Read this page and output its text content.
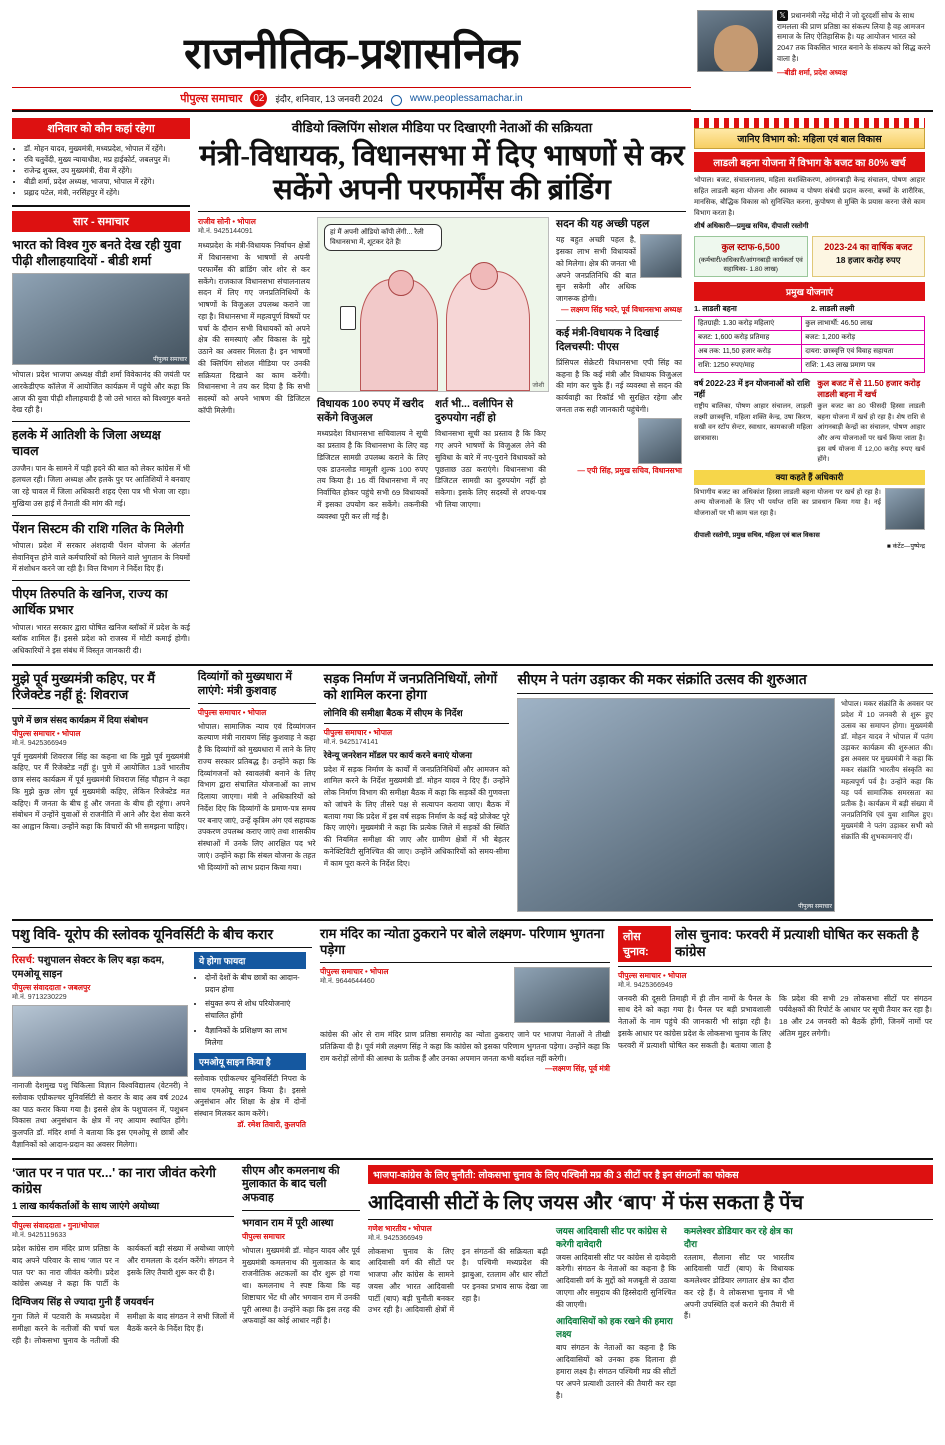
राजनीतिक-प्रशासनिक
पीपुल्स समाचार 02	इंदौर, शनिवार, 13 जनवरी 2024	www.peoplessamachar.in
𝕏 प्रधानमंत्री नरेंद्र मोदी ने जो दूरदर्शी सोच के साथ रामलला की प्राण प्रतिष्ठा का संकल्प लिया है वह आमजन समाज के लिए ऐतिहासिक है। यह आयोजन भारत को 2047 तक विकसित भारत बनाने के संकल्प को सिद्ध करने वाला है।
—बीडी शर्मा, प्रदेश अध्यक्ष
शनिवार को कौन कहां रहेगा
• डॉ. मोहन यादव, मुख्यमंत्री, मध्यप्रदेश, भोपाल में रहेंगे।
• रवि चतुर्वेदी, मुख्य न्यायाधीश, मप्र हाईकोर्ट, जबलपुर में।
• राजेन्द्र शुक्ल, उप मुख्यमंत्री, रीवा में रहेंगे।
• बीडी शर्मा, प्रदेश अध्यक्ष, भाजपा, भोपाल में रहेंगे।
• प्रह्लाद पटेल, मंत्री, नरसिंहपुर में रहेंगे।
सार - समाचार
भारत को विश्व गुरु बनते देख रही युवा पीढ़ी शौलाहयादियों - बीडी शर्मा
पीपुल्स समाचार
भोपाल। प्रदेश भाजपा अध्यक्ष वीडी शर्मा विवेकानंद की जयंती पर आरकेडीएफ कॉलेज में आयोजित कार्यक्रम में पहुंचे और कहा कि आज की युवा पीढ़ी शौलाहयादी है जो उसे भारत को विश्वगुरु बनते देख रही है।
हलके में आतिशी के जिला अध्यक्ष चावल
उज्जैन। पान के सामने में पड़ी हदने की बात को लेकर कांग्रेस में भी हलचल रही। जिला अध्यक्ष और हलके पुर पर आतिशियों ने बनवाए जा रहे चावल में जिला अधिकारी शहद ऐसा पत्र भी भेजा जा रहा। मुखिया उस हाई में तैनाती की मांग की गई।
पेंशन सिस्टम की राशि गलित के मिलेगी
भोपाल। प्रदेश में सरकार अंशदायी पेंशन योजना के अंतर्गत सेवानिवृत्त होने वाले कर्मचारियों को मिलने वाले भुगतान के नियमों में संशोधन करने जा रही है। वित्त विभाग ने निर्देश दिए हैं।
पीएम तिरुपति के खनिज, राज्य का आर्थिक प्रभार
भोपाल। भारत सरकार द्वारा घोषित खनिज ब्लॉकों में प्रदेश के कई ब्लॉक शामिल हैं। इससे प्रदेश को राजस्व में मोटी कमाई होगी। अधिकारियों ने इस संबंध में विस्तृत जानकारी दी।
वीडियो क्लिपिंग सोशल मीडिया पर दिखाएगी नेताओं की सक्रियता
मंत्री-विधायक, विधानसभा में दिए भाषणों से कर सकेंगे अपनी परफार्मेंस की ब्रांडिंग
राजीव सोनी • भोपाल
मो.नं. 9425144091
मध्यप्रदेश के मंत्री-विधायक निर्वाचन क्षेत्रों में विधानसभा के भाषणों से अपनी परफार्मेंस की ब्रांडिंग जोर शोर से कर सकेंगे। राजकाज विधानसभा संचालनालय सदन में लिए गए जनप्रतिनिधियों के भाषणों के विजुअल उपलब्ध कराने जा रहा है। विधानसभा में महत्वपूर्ण विषयों पर चर्चा के दौरान सभी विधायकों को अपने क्षेत्र की समस्याएं और विकास के मुद्दे उठाने का अवसर मिलता है। इन भाषणों की क्लिपिंग सोशल मीडिया पर उनकी सक्रियता दिखाने का काम करेंगी। विधानसभा ने तय कर दिया है कि सभी सदस्यों को अपने भाषण की डिजिटल कॉपी मिलेगी।
हां मैं अपनी ऑडियो कॉपी लेंगी... रैली विधानसभा में, शूटकर देते हैं!
जोशी
विधायक 100 रुपए में खरीद सकेंगे विजुअल
मध्यप्रदेश विधानसभा सचिवालय ने सूची का प्रस्ताव है कि विधानसभा के लिए वह डिजिटल सामग्री उपलब्ध कराने के लिए एक डाउनलोड मामूली शुल्क 100 रुपए तय किया है। 16 वीं विधानसभा में नए निर्वाचित होकर पहुंचे सभी 69 विधायकों में इसका उपयोग कर सकेंगे। तकनीकी व्यवस्था पूरी कर ली गई है।
शर्त भी... वलीपिन से दुरुपयोग नहीं हो
विधानसभा सूची का प्रस्ताव है कि किए गए अपने भाषणों के विजुअल लेने की सुविधा के बारे में नए-पुराने विधायकों को पूछताछ उठा कराएंगे। विधानसभा की डिजिटल सामग्री का दुरुपयोग नहीं हो सकेगा। इसके लिए सदस्यों से शपथ-पत्र भी लिया जाएगा।
सदन की यह अच्छी पहल
यह बहुत अच्छी पहल है, इसका लाभ सभी विधायकों को मिलेगा। क्षेत्र की जनता भी अपने जनप्रतिनिधि की बात सुन सकेगी और अधिक जागरूक होगी।
— लक्ष्मण सिंह भदरे, पूर्व विधानसभा अध्यक्ष
कई मंत्री-विधायक ने दिखाई दिलचस्पी: पीएस
प्रिंसिपल सेक्रेटरी विधानसभा एपी सिंह का कहना है कि कई मंत्री और विधायक विजुअल की मांग कर चुके हैं। नई व्यवस्था से सदन की कार्यवाही का रिकॉर्ड भी सुरक्षित रहेगा और जनता तक सही जानकारी पहुंचेगी।
— एपी सिंह, प्रमुख सचिव, विधानसभा
जानिए विभाग को: महिला एवं बाल विकास
लाडली बहना योजना में विभाग के बजट का 80% खर्च
भोपाल। बजट, संचालनालय, महिला सशक्तिकरण, आंगनबाड़ी केन्द्र संचालन, पोषण आहार सहित लाडली बहना योजना और स्वास्थ्य व पोषण संबंधी प्रदान करना, बच्चों के शारीरिक, मानसिक, बौद्धिक विकास को सुनिश्चित करना, कुपोषण से मुक्ति के प्रयास करना जैसे काम विभाग करता है।
शीर्ष अधिकारी—प्रमुख सचिव, दीपाली रस्तोगी
कुल स्टाफ-6,500
(कर्मचारी/अधिकारी/आंगनबाड़ी कार्यकर्ता एवं सहायिका- 1.80 लाख)
2023-24 का वार्षिक बजट
18 हजार करोड़ रुपए
प्रमुख योजनाएं
1. लाडली बहना	2. लाडली लक्ष्मी
हितग्राही: 1.30 करोड़ महिलाएं	कुल लाभार्थी: 46.50 लाख
बजट: 1,600 करोड़ प्रतिमाह	बजट: 1,200 करोड़
अब तक: 11,50 हजार करोड़	दायरा: छात्रवृत्ति एवं विवाह सहायता
राशि: 1250 रुपए/माह	राशि: 1.43 लाख प्रमाण पत्र
वर्ष 2022-23 में इन योजनाओं को राशि नहीं
राष्ट्रीय बालिका, पोषण आहार संचालन, लाड़ली लक्ष्मी छात्रवृत्ति, महिला शक्ति केन्द्र, उषा किरण, सखी वन स्टॉप सेन्टर, स्वाधार, कामकाजी महिला छात्रावास।
कुल बजट में से 11.50 हजार करोड़ लाडली बहना में खर्च
कुल बजट का 80 फीसदी हिस्सा लाडली बहना योजना में खर्च हो रहा है। शेष राशि से आंगनबाड़ी केन्द्रों का संचालन, पोषण आहार और अन्य योजनाओं पर खर्च किया जाता है। इस वर्ष योजना में 12,00 करोड़ रुपए खर्च होंगे।
क्या कहते हैं अधिकारी
विभागीय बजट का अधिकांश हिस्सा लाडली बहना योजना पर खर्च हो रहा है। अन्य योजनाओं के लिए भी पर्याप्त राशि का प्रावधान किया गया है। नई योजनाओं पर भी काम चल रहा है।
दीपाली रस्तोगी, प्रमुख सचिव, महिला एवं बाल विकास
■ कंटेंट—पुष्पेन्द्र
मुझे पूर्व मुख्यमंत्री कहिए, पर मैं रिजेक्टेड नहीं हूं: शिवराज
पुणे में छात्र संसद कार्यक्रम में दिया संबोधन
पीपुल्स समाचार • भोपाल
मो.नं. 9425366949
पूर्व मुख्यमंत्री शिवराज सिंह का कहना था कि मुझे पूर्व मुख्यमंत्री कहिए, पर मैं रिजेक्टेड नहीं हूं। पुणे में आयोजित 13वें भारतीय छात्र संसद कार्यक्रम में पूर्व मुख्यमंत्री शिवराज सिंह चौहान ने कहा कि मुझे कुछ लोग पूर्व मुख्यमंत्री कहिए, लेकिन रिजेक्टेड मत कहिए। मैं जनता के बीच हूं और जनता के बीच ही रहूंगा। अपने संबोधन में उन्होंने युवाओं से राजनीति में आने और देश सेवा करने का आह्वान किया। उन्होंने कहा कि विचारों की भी समझना चाहिए।
दिव्यांगों को मुख्यधारा में लाएंगे: मंत्री कुशवाह
पीपुल्स समाचार • भोपाल
भोपाल। सामाजिक न्याय एवं दिव्यांगजन कल्याण मंत्री नारायण सिंह कुशवाह ने कहा है कि दिव्यांगों को मुख्यधारा में लाने के लिए राज्य सरकार प्रतिबद्ध है। उन्होंने कहा कि दिव्यांगजनों को स्वावलंबी बनाने के लिए विभाग द्वारा संचालित योजनाओं का लाभ दिलाया जाएगा। मंत्री ने अधिकारियों को निर्देश दिए कि दिव्यांगों के प्रमाण-पत्र समय पर बनाए जाएं, उन्हें कृत्रिम अंग एवं सहायक उपकरण उपलब्ध कराए जाएं तथा शासकीय संस्थाओं में उनके लिए आरक्षित पद भरे जाएं। उन्होंने कहा कि संबल योजना के तहत भी दिव्यांगों को लाभ प्रदान किया गया।
सड़क निर्माण में जनप्रतिनिधियों, लोगों को शामिल करना होगा
लोनिवि की समीक्षा बैठक में सीएम के निर्देश
पीपुल्स समाचार • भोपाल
मो.नं. 9425174141
रेवेन्यू जनरेशन मॉडल पर कार्य करने बनाएं योजना
प्रदेश में सड़क निर्माण के कार्यों में जनप्रतिनिधियों और आमजन को शामिल करने के निर्देश मुख्यमंत्री डॉ. मोहन यादव ने दिए हैं। उन्होंने लोक निर्माण विभाग की समीक्षा बैठक में कहा कि सड़कों की गुणवत्ता को जांचने के लिए तीसरे पक्ष से सत्यापन कराया जाए। बैठक में बताया गया कि प्रदेश में इस वर्ष सड़क निर्माण के कई बड़े प्रोजेक्ट पूरे किए जाएंगे। मुख्यमंत्री ने कहा कि प्रत्येक जिले में सड़कों की स्थिति की नियमित समीक्षा की जाए और ग्रामीण क्षेत्रों में भी बेहतर कनेक्टिविटी सुनिश्चित की जाए। उन्होंने अधिकारियों को समय-सीमा में काम पूरा करने के निर्देश दिए।
सीएम ने पतंग उड़ाकर की मकर संक्रांति उत्सव की शुरुआत
पीपुल्स समाचार
भोपाल। मकर संक्रांति के अवसर पर प्रदेश में 10 जनवरी से शुरू हुए उत्सव का समापन होगा। मुख्यमंत्री डॉ. मोहन यादव ने भोपाल में पतंग उड़ाकर कार्यक्रम की शुरुआत की। इस अवसर पर मुख्यमंत्री ने कहा कि मकर संक्रांति भारतीय संस्कृति का महत्वपूर्ण पर्व है। उन्होंने कहा कि यह पर्व सामाजिक समरसता का प्रतीक है। कार्यक्रम में बड़ी संख्या में जनप्रतिनिधि एवं युवा शामिल हुए। मुख्यमंत्री ने पतंग उड़ाकर सभी को संक्रांति की शुभकामनाएं दीं।
पशु विवि- यूरोप की स्लोवक यूनिवर्सिटी के बीच करार
रिसर्च: पशुपालन सेक्टर के लिए बड़ा कदम, एमओयू साइन
पीपुल्स संवाददाता • जबलपुर
मो.नं. 9713230229
नानाजी देशमुख पशु चिकित्सा विज्ञान विश्वविद्यालय (वेटनरी) ने स्लोवाक एग्रीकल्चर यूनिवर्सिटी से करार के बाद अब वर्ष 2024 का पाठ करार किया गया है। इससे क्षेत्र के पशुपालन में, पशुधन विकास तथा अनुसंधान के क्षेत्र में नए आयाम स्थापित होंगे। कुलपति डॉ. मंदिर शर्मा ने बताया कि इस एमओयू से छात्रों और वैज्ञानिकों को आदान-प्रदान का अवसर मिलेगा।
ये होगा फायदा
• दोनों देशों के बीच छात्रों का आदान-प्रदान होगा
• संयुक्त रूप से शोध परियोजनाएं संचालित होंगी
• वैज्ञानिकों के प्रशिक्षण का लाभ मिलेगा
एमओयू साइन किया है
स्लोवाक एग्रीकल्चर यूनिवर्सिटी निपरा के साथ एमओयू साइन किया है। इससे अनुसंधान और शिक्षा के क्षेत्र में दोनों संस्थान मिलकर काम करेंगे।
डॉ. रमेश तिवारी, कुलपति
राम मंदिर का न्योता ठुकराने पर बोले लक्ष्मण- परिणाम भुगतना पड़ेगा
पीपुल्स समाचार • भोपाल
मो.नं. 9644644460
कांग्रेस की ओर से राम मंदिर प्राण प्रतिष्ठा समारोह का न्योता ठुकराए जाने पर भाजपा नेताओं ने तीखी प्रतिक्रिया दी है। पूर्व मंत्री लक्ष्मण सिंह ने कहा कि कांग्रेस को इसका परिणाम भुगतना पड़ेगा। उन्होंने कहा कि राम करोड़ों लोगों की आस्था के प्रतीक हैं और उनका अपमान जनता कभी बर्दाश्त नहीं करेगी।
—लक्ष्मण सिंह, पूर्व मंत्री
लोस चुनाव:
लोस चुनाव: फरवरी में प्रत्याशी घोषित कर सकती है कांग्रेस
पीपुल्स समाचार • भोपाल
मो.नं. 9425366949
जनवरी की दूसरी तिमाही में ही तीन नामों के पैनल के साथ देने को कहा गया है। पैनल पर बड़ी प्रभावशाली नेताओं के नाम पहुंचे की जानकारी भी सांझा रही है। इसके आधार पर कांग्रेस प्रदेश के लोकसभा चुनाव के लिए फरवरी में प्रत्याशी घोषित कर सकती है। बताया जाता है कि प्रदेश की सभी 29 लोकसभा सीटों पर संगठन पर्यवेक्षकों की रिपोर्ट के आधार पर सूची तैयार कर रहा है। 18 और 24 जनवरी को बैठकें होंगी, जिनमें नामों पर अंतिम मुहर लगेगी।
‘जात पर न पात पर...' का नारा जीवंत करेगी कांग्रेस
1 लाख कार्यकर्ताओं के साथ जाएंगे अयोध्या
पीपुल्स संवाददाता • गुना/भोपाल
मो.नं. 9425119633
प्रदेश कांग्रेस राम मंदिर प्राण प्रतिष्ठा के बाद अपने परिवार के साथ 'जात पर न पात पर' का नारा जीवंत करेगी। प्रदेश कांग्रेस अध्यक्ष ने कहा कि पार्टी के कार्यकर्ता बड़ी संख्या में अयोध्या जाएंगे और रामलला के दर्शन करेंगे। संगठन ने इसके लिए तैयारी शुरू कर दी है।
दिग्विजय सिंह से ज्यादा गुनी हैं जयवर्धन
गुना जिले में पटवारी के मध्यप्रदेश में समीक्षा करने के नतीजों की चर्चा चल रही है। लोकसभा चुनाव के नतीजों की समीक्षा के बाद संगठन ने सभी जिलों में बैठकें करने के निर्देश दिए हैं।
सीएम और कमलनाथ की मुलाकात के बाद चली अफवाह
भगवान राम में पूरी आस्था
पीपुल्स समाचार
भोपाल। मुख्यमंत्री डॉ. मोहन यादव और पूर्व मुख्यमंत्री कमलनाथ की मुलाकात के बाद राजनीतिक अटकलों का दौर शुरू हो गया था। कमलनाथ ने स्पष्ट किया कि यह शिष्टाचार भेंट थी और भगवान राम में उनकी पूरी आस्था है। उन्होंने कहा कि इस तरह की अफवाहों का कोई आधार नहीं है।
भाजपा-कांग्रेस के लिए चुनौती: लोकसभा चुनाव के लिए पश्चिमी मप्र की 3 सीटों पर है इन संगठनों का फोकस
आदिवासी सीटों के लिए जयस और ‘बाप' में फंस सकता है पेंच
गणेश भारतीय • भोपाल
मो.नं. 9425366949
लोकसभा चुनाव के लिए आदिवासी वर्ग की सीटों पर भाजपा और कांग्रेस के सामने जयस और भारत आदिवासी पार्टी (बाप) बड़ी चुनौती बनकर उभर रही है। आदिवासी क्षेत्रों में इन संगठनों की सक्रियता बढ़ी है। पश्चिमी मध्यप्रदेश की झाबुआ, रतलाम और धार सीटों पर इनका प्रभाव साफ देखा जा रहा है।
जयस आदिवासी सीट पर कांग्रेस से करेगी दावेदारी
जयस आदिवासी सीट पर कांग्रेस से दावेदारी करेगी। संगठन के नेताओं का कहना है कि आदिवासी वर्ग के मुद्दों को मजबूती से उठाया जाएगा और समुदाय की हिस्सेदारी सुनिश्चित की जाएगी।
आदिवासियों को हक रखने की हमारा लक्ष्य
बाप संगठन के नेताओं का कहना है कि आदिवासियों को उनका हक दिलाना ही हमारा लक्ष्य है। संगठन पश्चिमी मप्र की सीटों पर अपने प्रत्याशी उतारने की तैयारी कर रहा है।
कमलेश्वर डोडियार कर रहे क्षेत्र का दौरा
रतलाम, सैलाना सीट पर भारतीय आदिवासी पार्टी (बाप) के विधायक कमलेश्वर डोडियार लगातार क्षेत्र का दौरा कर रहे हैं। वे लोकसभा चुनाव में भी अपनी उपस्थिति दर्ज कराने की तैयारी में हैं।
